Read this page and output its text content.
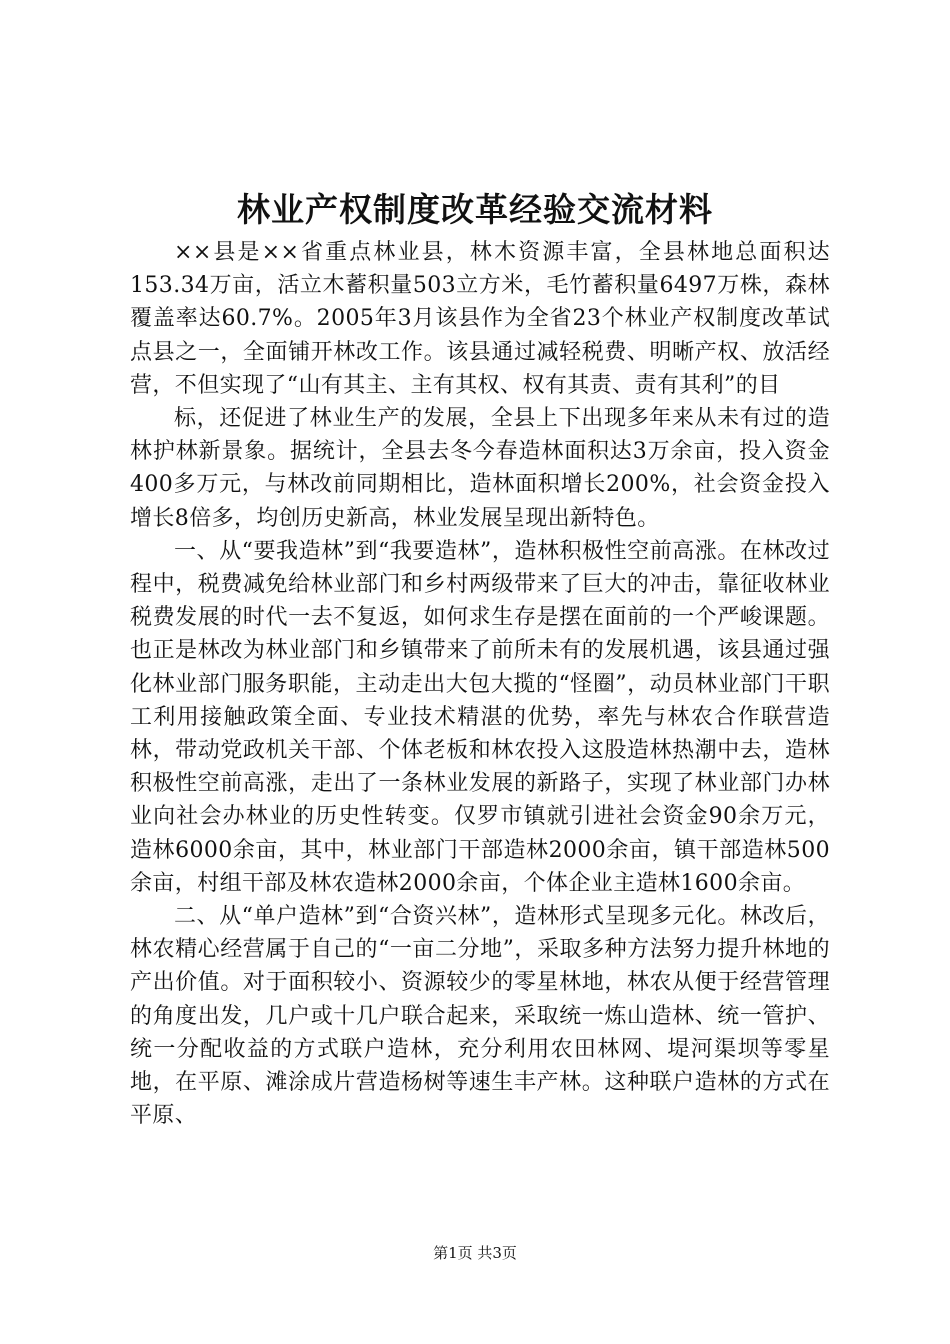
林业产权制度改革经验交流材料

××县是××省重点林业县，林木资源丰富，全县林地总面积达153.34万亩，活立木蓄积量503立方米，毛竹蓄积量6497万株，森林覆盖率达60.7%。2005年3月该县作为全省23个林业产权制度改革试点县之一，全面铺开林改工作。该县通过减轻税费、明晰产权、放活经营，不但实现了“山有其主、主有其权、权有其责、责有其利”的目

标，还促进了林业生产的发展，全县上下出现多年来从未有过的造林护林新景象。据统计，全县去冬今春造林面积达3万余亩，投入资金400多万元，与林改前同期相比，造林面积增长200%，社会资金投入增长8倍多，均创历史新高，林业发展呈现出新特色。

一、从“要我造林”到“我要造林”，造林积极性空前高涨。在林改过程中，税费减免给林业部门和乡村两级带来了巨大的冲击，靠征收林业税费发展的时代一去不复返，如何求生存是摆在面前的一个严峻课题。也正是林改为林业部门和乡镇带来了前所未有的发展机遇，该县通过强化林业部门服务职能，主动走出大包大揽的“怪圈”，动员林业部门干职工利用接触政策全面、专业技术精湛的优势，率先与林农合作联营造林，带动党政机关干部、个体老板和林农投入这股造林热潮中去，造林积极性空前高涨，走出了一条林业发展的新路子，实现了林业部门办林业向社会办林业的历史性转变。仅罗市镇就引进社会资金90余万元，造林6000余亩，其中，林业部门干部造林2000余亩，镇干部造林500余亩，村组干部及林农造林2000余亩，个体企业主造林1600余亩。

二、从“单户造林”到“合资兴林”，造林形式呈现多元化。林改后，林农精心经营属于自己的“一亩二分地”，采取多种方法努力提升林地的产出价值。对于面积较小、资源较少的零星林地，林农从便于经营管理的角度出发，几户或十几户联合起来，采取统一炼山造林、统一管护、统一分配收益的方式联户造林，充分利用农田林网、堤河渠坝等零星地，在平原、滩涂成片营造杨树等速生丰产林。这种联户造林的方式在平原、

第1页 共3页
